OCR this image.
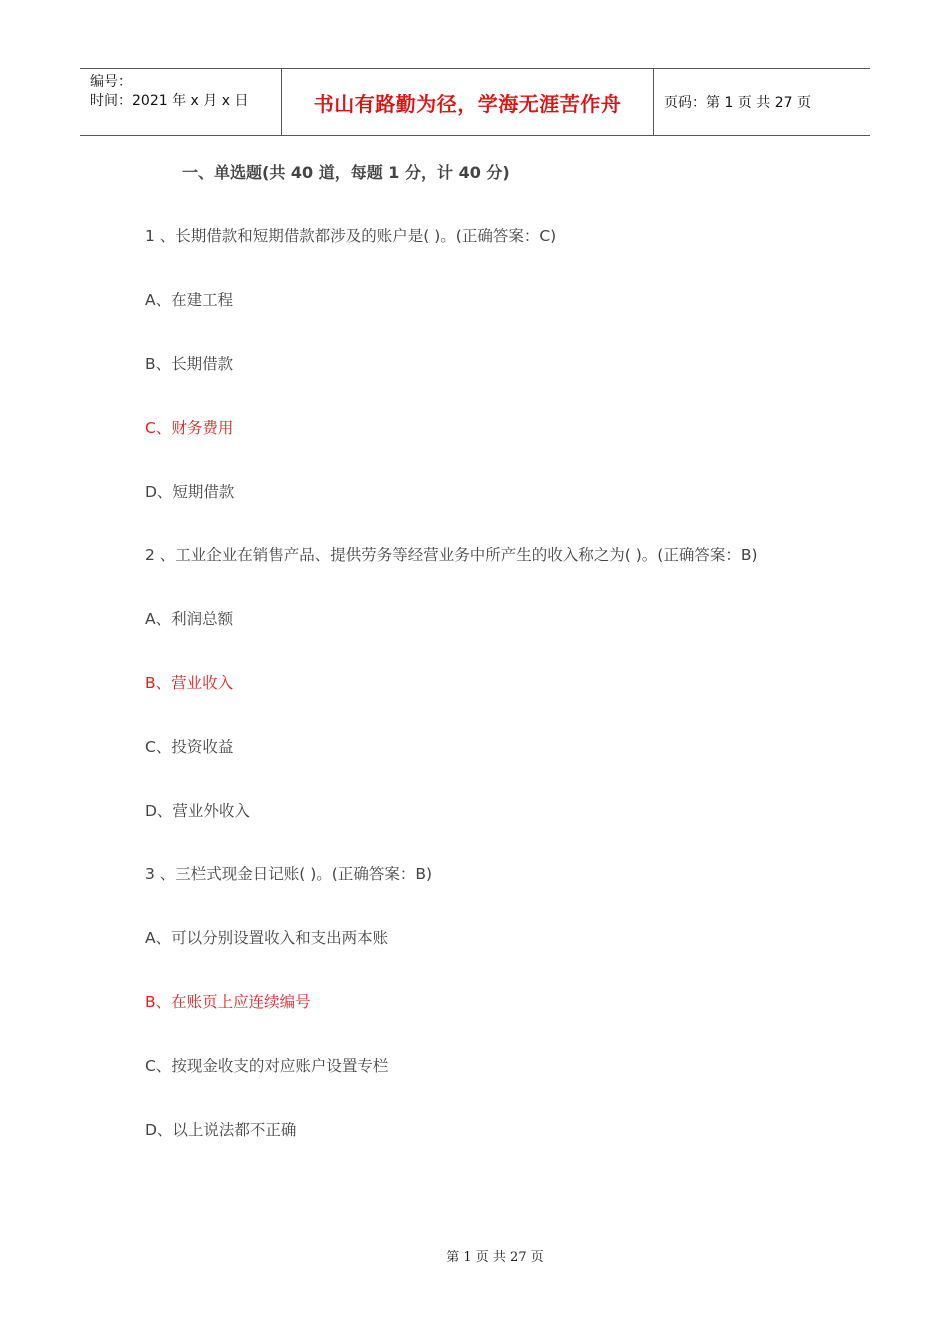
编号：
时间：2021 年 x 月 x 日	书山有路勤为径，学海无涯苦作舟	页码：第 1 页 共 27 页
一、单选题(共 40 道，每题 1 分，计 40 分)
1 、长期借款和短期借款都涉及的账户是( )。(正确答案：C)
A、在建工程
B、长期借款
C、财务费用
D、短期借款
2 、工业企业在销售产品、提供劳务等经营业务中所产生的收入称之为( )。(正确答案：B)
A、利润总额
B、营业收入
C、投资收益
D、营业外收入
3 、三栏式现金日记账( )。(正确答案：B)
A、可以分别设置收入和支出两本账
B、在账页上应连续编号
C、按现金收支的对应账户设置专栏
D、以上说法都不正确
第 1 页 共 27 页
